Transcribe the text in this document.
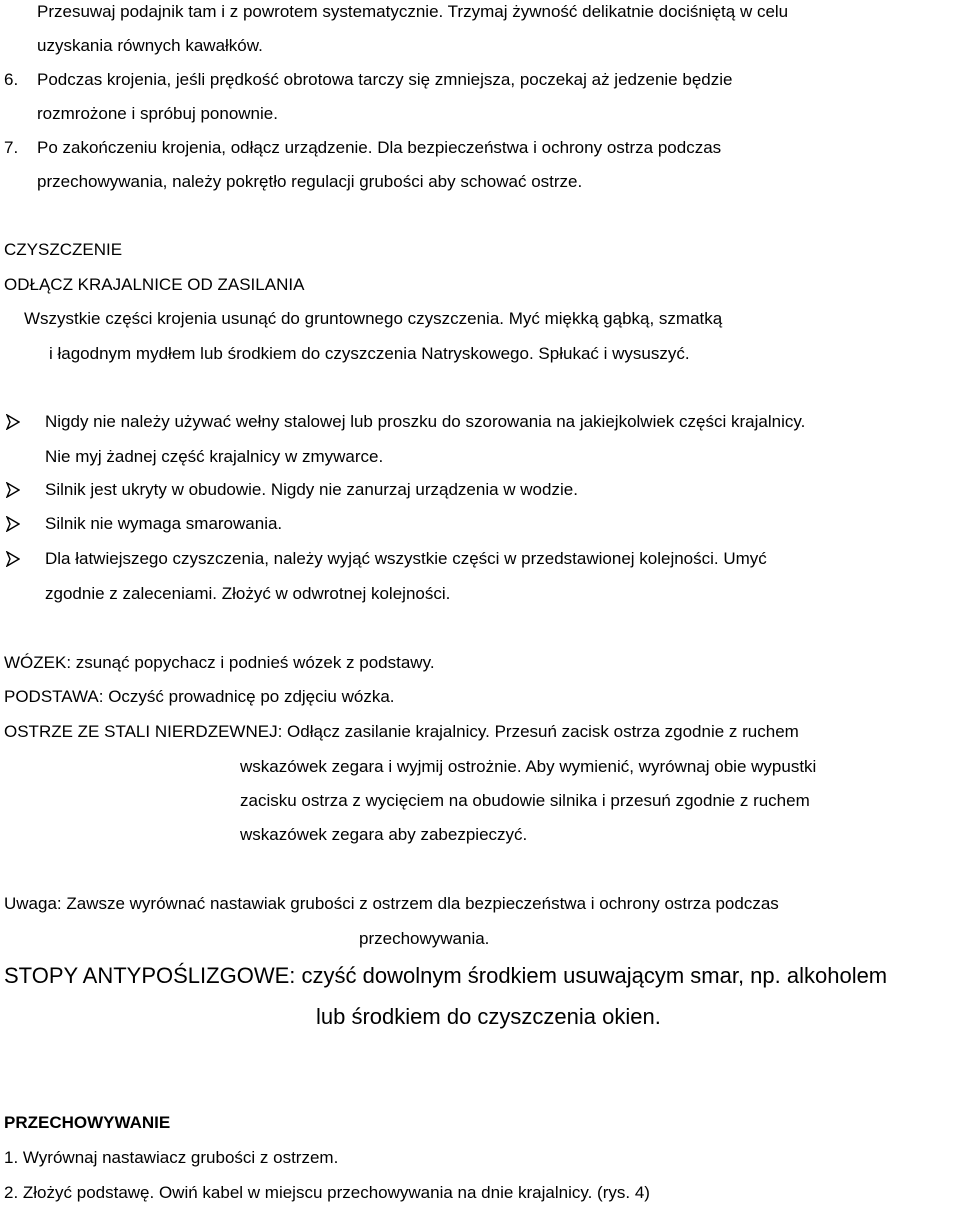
Przesuwaj podajnik tam i z powrotem systematycznie. Trzymaj żywność delikatnie dociśniętą w celu
uzyskania równych kawałków.
6. Podczas krojenia, jeśli prędkość obrotowa tarczy się zmniejsza, poczekaj aż jedzenie będzie
rozmrożone i spróbuj ponownie.
7. Po zakończeniu krojenia, odłącz urządzenie. Dla bezpieczeństwa i ochrony ostrza podczas
przechowywania, należy pokrętło regulacji grubości aby schować ostrze.
CZYSZCZENIE
ODŁĄCZ KRAJALNICE OD ZASILANIA
Wszystkie części krojenia usunąć do gruntownego czyszczenia. Myć miękką gąbką, szmatką
i łagodnym mydłem lub środkiem do czyszczenia Natryskowego. Spłukać i wysuszyć.
Nigdy nie należy używać wełny stalowej lub proszku do szorowania na jakiejkolwiek części krajalnicy.
Nie myj żadnej część krajalnicy w zmywarce.
Silnik jest ukryty w obudowie. Nigdy nie zanurzaj urządzenia w wodzie.
Silnik nie wymaga smarowania.
Dla łatwiejszego czyszczenia, należy wyjąć wszystkie części w przedstawionej kolejności. Umyć
zgodnie z zaleceniami. Złożyć w odwrotnej kolejności.
WÓZEK: zsunąć popychacz i podnieś wózek z podstawy.
PODSTAWA: Oczyść prowadnicę po zdjęciu wózka.
OSTRZE ZE STALI NIERDZEWNEJ: Odłącz zasilanie krajalnicy. Przesuń zacisk ostrza zgodnie z ruchem
wskazówek zegara i wyjmij ostrożnie. Aby wymienić, wyrównaj obie wypustki
zacisku ostrza z wycięciem na obudowie silnika i przesuń zgodnie z ruchem
wskazówek zegara aby zabezpieczyć.
Uwaga: Zawsze wyrównać nastawiak grubości z ostrzem dla bezpieczeństwa i ochrony ostrza podczas
przechowywania.
STOPY ANTYPOŚLIZGOWE: czyść dowolnym środkiem usuwającym smar, np. alkoholem
lub środkiem do czyszczenia okien.
PRZECHOWYWANIE
1. Wyrównaj nastawiacz grubości z ostrzem.
2. Złożyć podstawę. Owiń kabel w miejscu przechowywania na dnie krajalnicy. (rys. 4)
